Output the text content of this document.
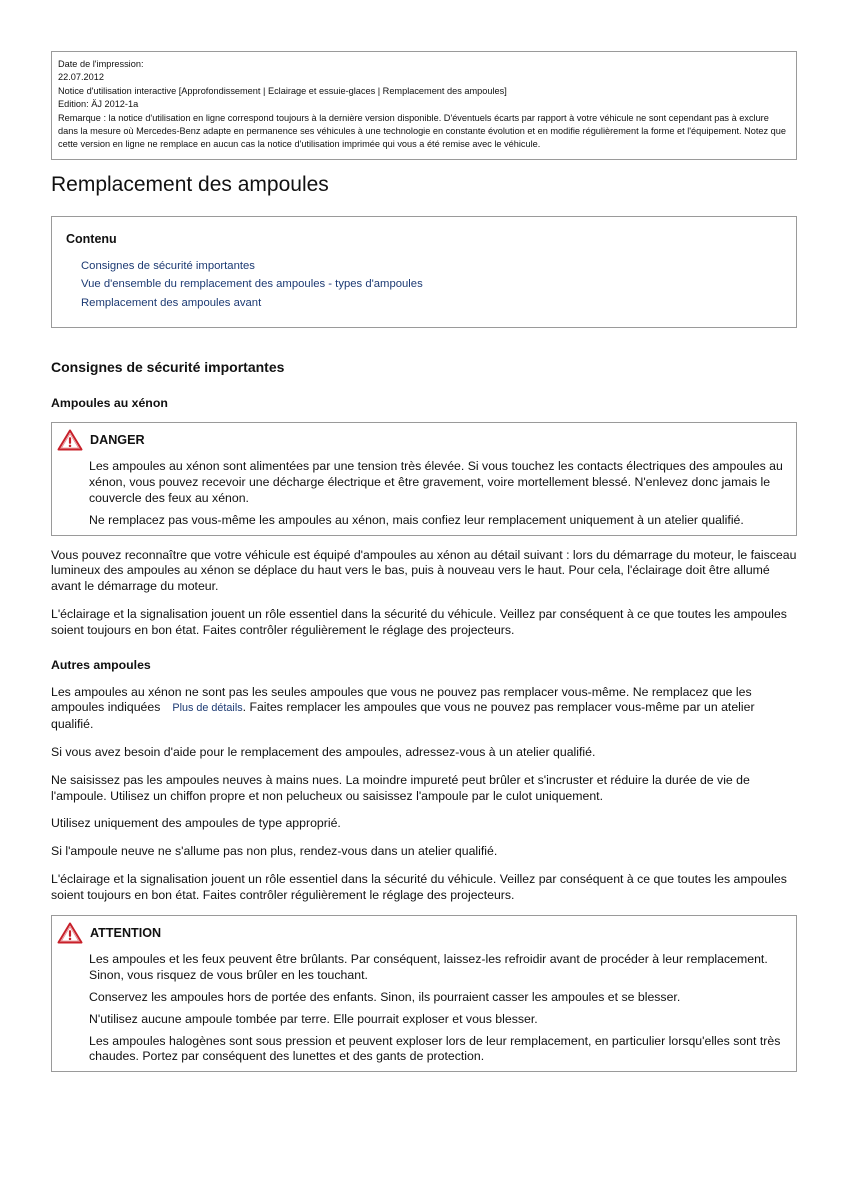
Date de l'impression:
22.07.2012
Notice d'utilisation interactive [Approfondissement | Eclairage et essuie-glaces | Remplacement des ampoules]
Edition: ÄJ 2012-1a
Remarque : la notice d'utilisation en ligne correspond toujours à la dernière version disponible. D'éventuels écarts par rapport à votre véhicule ne sont cependant pas à exclure dans la mesure où Mercedes-Benz adapte en permanence ses véhicules à une technologie en constante évolution et en modifie régulièrement la forme et l'équipement. Notez que cette version en ligne ne remplace en aucun cas la notice d'utilisation imprimée qui vous a été remise avec le véhicule.
Remplacement des ampoules
Contenu
Consignes de sécurité importantes
Vue d'ensemble du remplacement des ampoules - types d'ampoules
Remplacement des ampoules avant
Consignes de sécurité importantes
Ampoules au xénon
DANGER

Les ampoules au xénon sont alimentées par une tension très élevée. Si vous touchez les contacts électriques des ampoules au xénon, vous pouvez recevoir une décharge électrique et être gravement, voire mortellement blessé. N'enlevez donc jamais le couvercle des feux au xénon.

Ne remplacez pas vous-même les ampoules au xénon, mais confiez leur remplacement uniquement à un atelier qualifié.

Vous pouvez reconnaître que votre véhicule est équipé d'ampoules au xénon au détail suivant : lors du démarrage du moteur, le faisceau lumineux des ampoules au xénon se déplace du haut vers le bas, puis à nouveau vers le haut. Pour cela, l'éclairage doit être allumé avant le démarrage du moteur.

L'éclairage et la signalisation jouent un rôle essentiel dans la sécurité du véhicule. Veillez par conséquent à ce que toutes les ampoules soient toujours en bon état. Faites contrôler régulièrement le réglage des projecteurs.

Autres ampoules

Les ampoules au xénon ne sont pas les seules ampoules que vous ne pouvez pas remplacer vous-même. Ne remplacez que les ampoules indiquées Plus de détails. Faites remplacer les ampoules que vous ne pouvez pas remplacer vous-même par un atelier qualifié.

Si vous avez besoin d'aide pour le remplacement des ampoules, adressez-vous à un atelier qualifié.

Ne saisissez pas les ampoules neuves à mains nues. La moindre impureté peut brûler et s'incruster et réduire la durée de vie de l'ampoule. Utilisez un chiffon propre et non pelucheux ou saisissez l'ampoule par le culot uniquement.

Utilisez uniquement des ampoules de type approprié.

Si l'ampoule neuve ne s'allume pas non plus, rendez-vous dans un atelier qualifié.

L'éclairage et la signalisation jouent un rôle essentiel dans la sécurité du véhicule. Veillez par conséquent à ce que toutes les ampoules soient toujours en bon état. Faites contrôler régulièrement le réglage des projecteurs.

ATTENTION

Les ampoules et les feux peuvent être brûlants. Par conséquent, laissez-les refroidir avant de procéder à leur remplacement. Sinon, vous risquez de vous brûler en les touchant.

Conservez les ampoules hors de portée des enfants. Sinon, ils pourraient casser les ampoules et se blesser.

N'utilisez aucune ampoule tombée par terre. Elle pourrait exploser et vous blesser.

Les ampoules halogènes sont sous pression et peuvent exploser lors de leur remplacement, en particulier lorsqu'elles sont très chaudes. Portez par conséquent des lunettes et des gants de protection.
